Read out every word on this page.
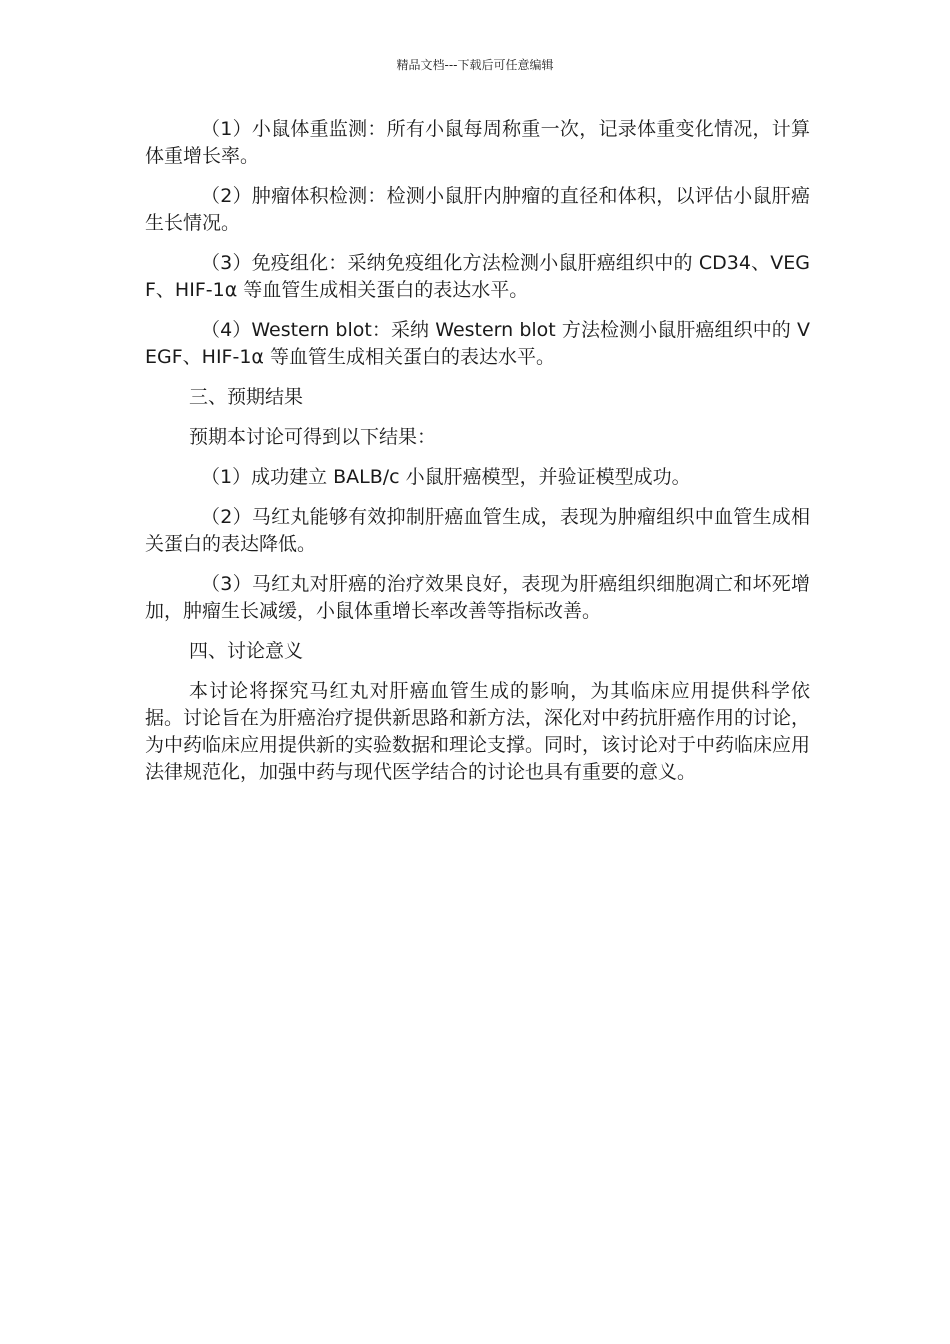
精品文档---下载后可任意编辑

（1）小鼠体重监测：所有小鼠每周称重一次，记录体重变化情况，计算体重增长率。

（2）肿瘤体积检测：检测小鼠肝内肿瘤的直径和体积，以评估小鼠肝癌生长情况。

（3）免疫组化：采纳免疫组化方法检测小鼠肝癌组织中的 CD34、VEGF、HIF-1α 等血管生成相关蛋白的表达水平。

（4）Western blot：采纳 Western blot 方法检测小鼠肝癌组织中的 VEGF、HIF-1α 等血管生成相关蛋白的表达水平。

三、预期结果

预期本讨论可得到以下结果：

（1）成功建立 BALB/c 小鼠肝癌模型，并验证模型成功。

（2）马红丸能够有效抑制肝癌血管生成，表现为肿瘤组织中血管生成相关蛋白的表达降低。

（3）马红丸对肝癌的治疗效果良好，表现为肝癌组织细胞凋亡和坏死增加，肿瘤生长减缓，小鼠体重增长率改善等指标改善。

四、讨论意义

本讨论将探究马红丸对肝癌血管生成的影响，为其临床应用提供科学依据。讨论旨在为肝癌治疗提供新思路和新方法，深化对中药抗肝癌作用的讨论，为中药临床应用提供新的实验数据和理论支撑。同时，该讨论对于中药临床应用法律规范化，加强中药与现代医学结合的讨论也具有重要的意义。
